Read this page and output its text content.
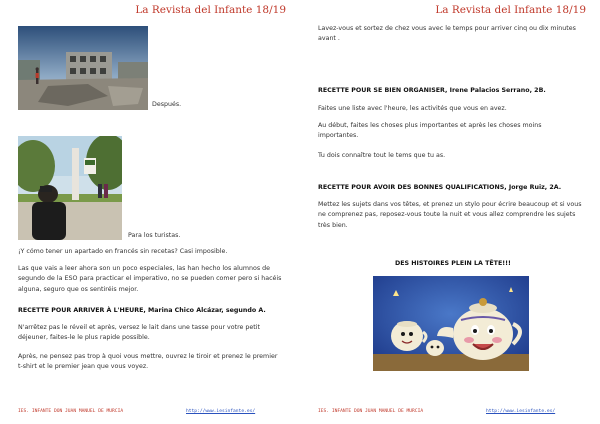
La Revista del Infante 18/19
Después.
Para los turistas.
¡Y cómo tener un apartado en francés sin recetas? Casi imposible.
Las que vais a leer ahora son un poco especiales, las han hecho los alumnos de segundo de la ESO para practicar el imperativo, no se pueden comer pero si hacéis alguna, seguro que os sentiréis mejor.
RECETTE POUR ARRIVER À L'HEURE, Marina Chico Alcázar, segundo A.
N'arrêtez pas le réveil et après, versez le lait dans une tasse pour votre petit déjeuner, faites-le le plus rapide possible.
Après, ne pensez pas trop à quoi vous mettre, ouvrez le tiroir et prenez le premier t-shirt et le premier jean que vous voyez.
IES. INFANTE DON JUAN MANUEL DE MURCIA	http://www.iesinfante.es/
La Revista del Infante 18/19
Lavez-vous et sortez de chez vous avec le temps pour arriver cinq ou dix minutes avant .
RECETTE POUR SE BIEN ORGANISER, Irene Palacios Serrano, 2B.
Faites une liste avec l'heure, les activités que vous en avez.
Au début, faites les choses plus importantes et après les choses moins importantes.
Tu dois connaître tout le tems que tu as.
RECETTE POUR AVOIR DES BONNES QUALIFICATIONS, Jorge Ruiz, 2A.
Mettez les sujets dans vos têtes, et prenez un stylo pour écrire beaucoup et si vous ne comprenez pas, reposez-vous toute la nuit et vous allez comprendre les sujets très bien.
DES HISTOIRES PLEIN LA TÊTE!!!
IES. INFANTE DON JUAN MANUEL DE MURCIA	http://www.iesinfante.es/
